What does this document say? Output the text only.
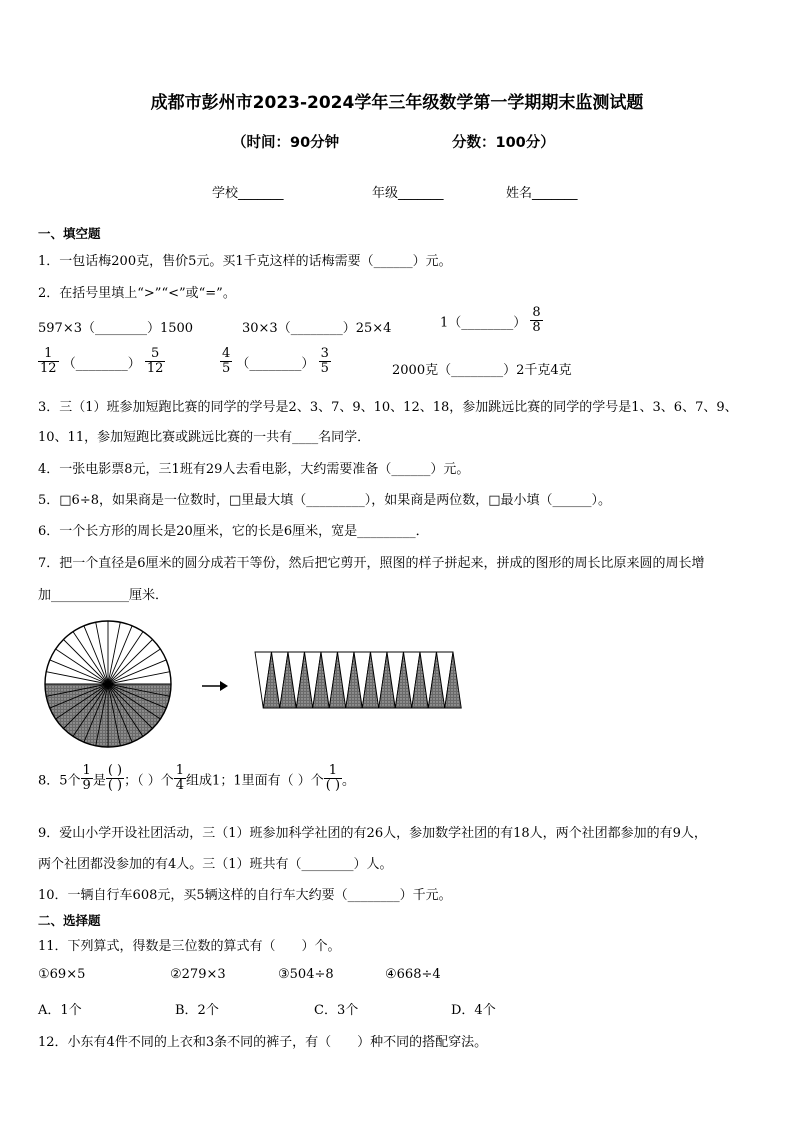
成都市彭州市2023-2024学年三年级数学第一学期期末监测试题
（时间：90分钟	分数：100分）
学校_______	年级_______	姓名_______
一、填空题
1．一包话梅200克，售价5元。买1千克这样的话梅需要（______）元。
2．在括号里填上“>”“<”或“=”。
597×3（________）1500	30×3（________）25×4	1（________） $\frac{8}{8}$
$\frac{1}{12}$ （________） $\frac{5}{12}$	$\frac{4}{5}$ （________） $\frac{3}{5}$	2000克（________）2千克4克
3．三（1）班参加短跑比赛的同学的学号是2、3、7、9、10、12、18，参加跳远比赛的同学的学号是1、3、6、7、9、
10、11，参加短跑比赛或跳远比赛的一共有____名同学．
4．一张电影票8元，三1班有29人去看电影，大约需要准备（______）元。
5．□6÷8，如果商是一位数时，□里最大填（_________），如果商是两位数，□最小填（______）。
6．一个长方形的周长是20厘米，它的长是6厘米，宽是_________．
7．把一个直径是6厘米的圆分成若干等份，然后把它剪开，照图的样子拼起来，拼成的图形的周长比原来圆的周长增
加____________厘米．
8．5个 $\frac{1}{9}$ 是
( )
( ) ；（ ）个 $\frac{1}{4}$ 组成1；1里面有（ ）个
1
( ) 。
9．爱山小学开设社团活动，三（1）班参加科学社团的有26人，参加数学社团的有18人，两个社团都参加的有9人，
两个社团都没参加的有4人。三（1）班共有（________）人。
10．一辆自行车608元，买5辆这样的自行车大约要（________）千元。
二、选择题
11．下列算式，得数是三位数的算式有（　　）个。
①69×5	②279×3	③504÷8	④668÷4
A．1个	B．2个	C．3个	D．4个
12．小东有4件不同的上衣和3条不同的裤子，有（　　）种不同的搭配穿法。
